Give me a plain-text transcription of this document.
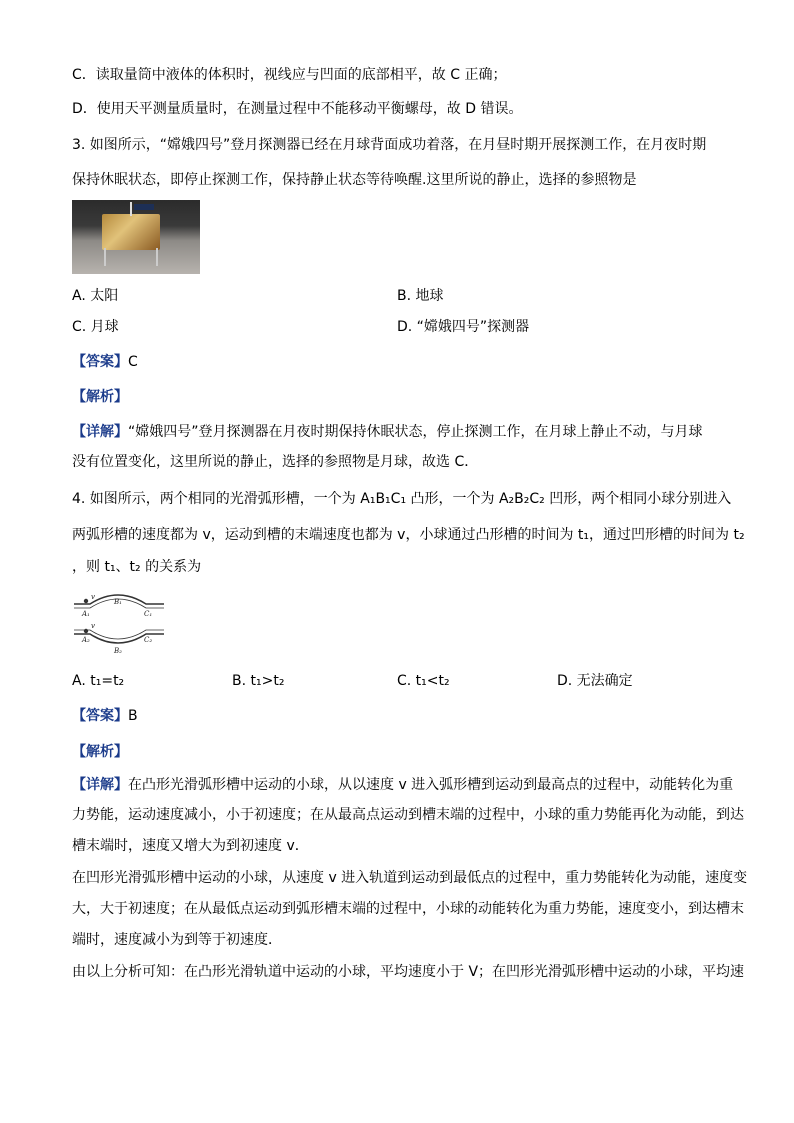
C．读取量筒中液体的体积时，视线应与凹面的底部相平，故 C 正确；
D．使用天平测量质量时，在测量过程中不能移动平衡螺母，故 D 错误。
3. 如图所示，“嫦娥四号”登月探测器已经在月球背面成功着落，在月昼时期开展探测工作，在月夜时期
保持休眠状态，即停止探测工作，保持静止状态等待唤醒.这里所说的静止，选择的参照物是
A. 太阳	B. 地球
C. 月球	D. “嫦娥四号”探测器
【答案】C
【解析】
【详解】“嫦娥四号”登月探测器在月夜时期保持休眠状态，停止探测工作，在月球上静止不动，与月球
没有位置变化，这里所说的静止，选择的参照物是月球，故选 C．
4. 如图所示，两个相同的光滑弧形槽，一个为 A₁B₁C₁ 凸形，一个为 A₂B₂C₂ 凹形，两个相同小球分别进入
两弧形槽的速度都为 v，运动到槽的末端速度也都为 v，小球通过凸形槽的时间为 t₁，通过凹形槽的时间为 t₂
，则 t₁、t₂ 的关系为
v
A₁
B₁
C₁
v
A₂
B₂
C₂
A. t₁=t₂	B. t₁>t₂	C. t₁<t₂	D. 无法确定
【答案】B
【解析】
【详解】在凸形光滑弧形槽中运动的小球，从以速度 v 进入弧形槽到运动到最高点的过程中，动能转化为重
力势能，运动速度减小，小于初速度；在从最高点运动到槽末端的过程中，小球的重力势能再化为动能，到达
槽末端时，速度又增大为到初速度 v．
在凹形光滑弧形槽中运动的小球，从速度 v 进入轨道到运动到最低点的过程中，重力势能转化为动能，速度变
大，大于初速度；在从最低点运动到弧形槽末端的过程中，小球的动能转化为重力势能，速度变小，到达槽末
端时，速度减小为到等于初速度．
由以上分析可知：在凸形光滑轨道中运动的小球，平均速度小于 V；在凹形光滑弧形槽中运动的小球，平均速
